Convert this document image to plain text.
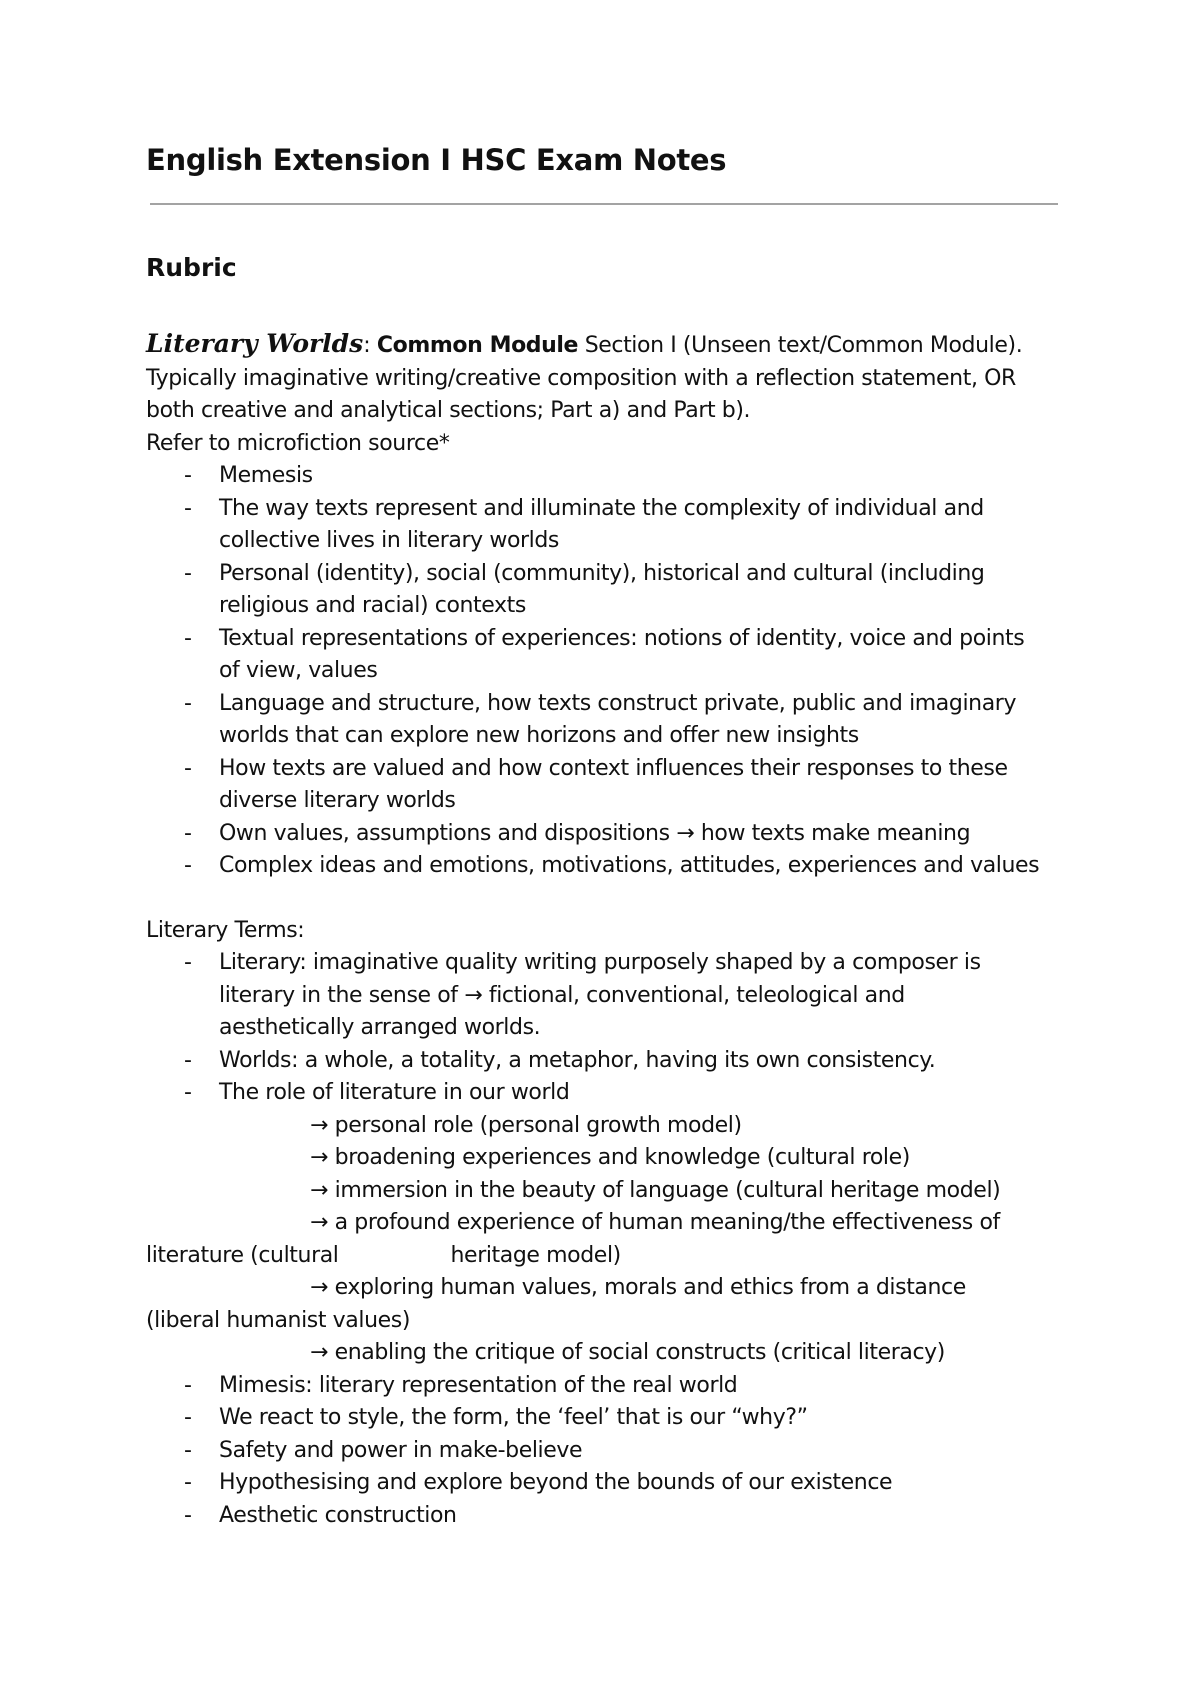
English Extension I HSC Exam Notes
Rubric
Literary Worlds: Common Module Section I (Unseen text/Common Module).
Typically imaginative writing/creative composition with a reflection statement, OR
both creative and analytical sections; Part a) and Part b).
Refer to microfiction source*
- Memesis
- The way texts represent and illuminate the complexity of individual and
collective lives in literary worlds
- Personal (identity), social (community), historical and cultural (including
religious and racial) contexts
- Textual representations of experiences: notions of identity, voice and points
of view, values
- Language and structure, how texts construct private, public and imaginary
worlds that can explore new horizons and offer new insights
- How texts are valued and how context influences their responses to these
diverse literary worlds
- Own values, assumptions and dispositions → how texts make meaning
- Complex ideas and emotions, motivations, attitudes, experiences and values
Literary Terms:
- Literary: imaginative quality writing purposely shaped by a composer is
literary in the sense of → fictional, conventional, teleological and
aesthetically arranged worlds.
- Worlds: a whole, a totality, a metaphor, having its own consistency.
- The role of literature in our world
→ personal role (personal growth model)
→ broadening experiences and knowledge (cultural role)
→ immersion in the beauty of language (cultural heritage model)
→ a profound experience of human meaning/the effectiveness of
literature (cultural	heritage model)
→ exploring human values, morals and ethics from a distance
(liberal humanist values)
→ enabling the critique of social constructs (critical literacy)
- Mimesis: literary representation of the real world
- We react to style, the form, the ‘feel’ that is our “why?”
- Safety and power in make-believe
- Hypothesising and explore beyond the bounds of our existence
- Aesthetic construction
